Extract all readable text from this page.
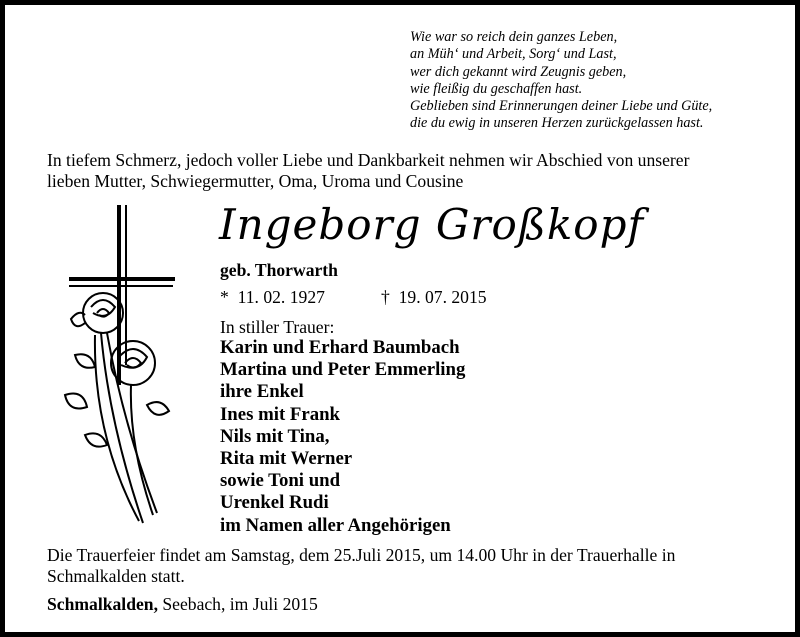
Wie war so reich dein ganzes Leben,
an Müh‘ und Arbeit, Sorg‘ und Last,
wer dich gekannt wird Zeugnis geben,
wie fleißig du geschaffen hast.
Geblieben sind Erinnerungen deiner Liebe und Güte,
die du ewig in unseren Herzen zurückgelassen hast.
In tiefem Schmerz, jedoch voller Liebe und Dankbarkeit nehmen wir Abschied von unserer
lieben Mutter, Schwiegermutter, Oma, Uroma und Cousine
Ingeborg Großkopf
geb. Thorwarth
* 11. 02. 1927	† 19. 07. 2015
In stiller Trauer:
Karin und Erhard Baumbach
Martina und Peter Emmerling
ihre Enkel
Ines mit Frank
Nils mit Tina,
Rita mit Werner
sowie Toni und
Urenkel Rudi
im Namen aller Angehörigen
Die Trauerfeier findet am Samstag, dem 25.Juli 2015, um 14.00 Uhr in der Trauerhalle in
Schmalkalden statt.
Schmalkalden, Seebach, im Juli 2015
